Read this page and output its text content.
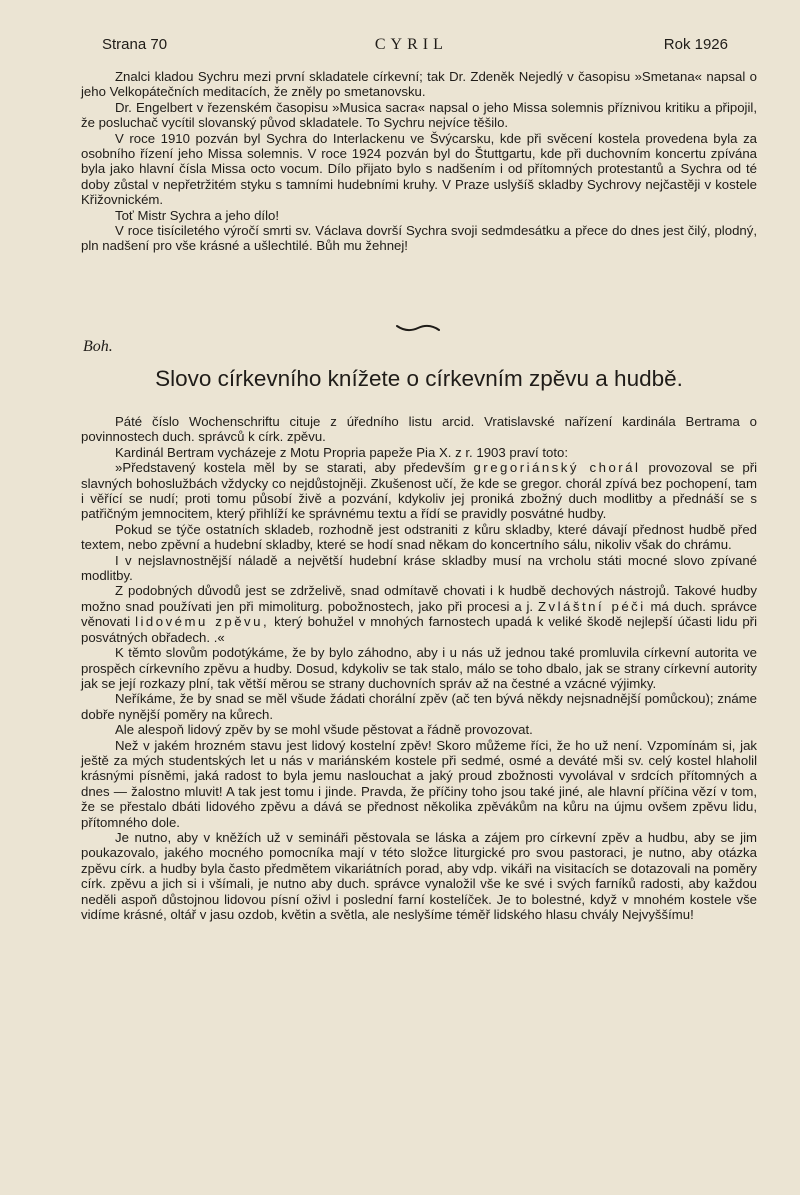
Strana 70	CYRIL	Rok 1926

Znalci kladou Sychru mezi první skladatele církevní; tak Dr. Zdeněk Nejedlý v časopisu »Smetana« napsal o jeho Velkopátečních meditacích, že zněly po smetanovsku.

Dr. Engelbert v řezenském časopisu »Musica sacra« napsal o jeho Missa solemnis příznivou kritiku a připojil, že posluchač vycítil slovanský původ skladatele. To Sychru nejvíce těšilo.

V roce 1910 pozván byl Sychra do Interlackenu ve Švýcarsku, kde při svěcení kostela provedena byla za osobního řízení jeho Missa solemnis. V roce 1924 pozván byl do Štuttgartu, kde při duchovním koncertu zpívána byla jako hlavní čísla Missa octo vocum. Dílo přijato bylo s nadšením i od přítomných protestantů a Sychra od té doby zůstal v nepřetržitém styku s tamními hudebními kruhy. V Praze uslyšíš skladby Sychrovy nejčastěji v kostele Křižovnickém.

Toť Mistr Sychra a jeho dílo!

V roce tisíciletého výročí smrti sv. Václava dovrší Sychra svoji sedmdesátku a přece do dnes jest čilý, plodný, pln nadšení pro vše krásné a ušlechtilé. Bůh mu žehnej!

Boh.
Slovo církevního knížete o církevním zpěvu a hudbě.

Páté číslo Wochenschriftu cituje z úředního listu arcid. Vratislavské nařízení kardinála Bertrama o povinnostech duch. správců k círk. zpěvu.

Kardinál Bertram vycházeje z Motu Propria papeže Pia X. z r. 1903 praví toto:

»Představený kostela měl by se starati, aby především gregoriánský chorál provozoval se při slavných bohoslužbách vždycky co nejdůstojněji. Zkušenost učí, že kde se gregor. chorál zpívá bez pochopení, tam i věřící se nudí; proti tomu působí živě a pozvání, kdykoliv jej proniká zbožný duch modlitby a přednáší se s patřičným jemnocitem, který přihlíží ke správnému textu a řídí se pravidly posvátné hudby.

Pokud se týče ostatních skladeb, rozhodně jest odstraniti z kůru skladby, které dávají přednost hudbě před textem, nebo zpěvní a hudební skladby, které se hodí snad někam do koncertního sálu, nikoliv však do chrámu.

I v nejslavnostnější náladě a největší hudební kráse skladby musí na vrcholu státi mocné slovo zpívané modlitby.

Z podobných důvodů jest se zdrželivě, snad odmítavě chovati i k hudbě dechových nástrojů. Takové hudby možno snad používati jen při mimoliturg. pobožnostech, jako při procesi a j. Zvláštní péči má duch. správce věnovati lidovému zpěvu, který bohužel v mnohých farnostech upadá k veliké škodě nejlepší účasti lidu při posvátných obřadech. .«

K těmto slovům podotýkáme, že by bylo záhodno, aby i u nás už jednou také promluvila církevní autorita ve prospěch církevního zpěvu a hudby. Dosud, kdykoliv se tak stalo, málo se toho dbalo, jak se strany církevní autority jak se její rozkazy plní, tak větší měrou se strany duchovních správ až na čestné a vzácné výjimky.

Neříkáme, že by snad se měl všude žádati chorální zpěv (ač ten bývá někdy nejsnadnější pomůckou); známe dobře nynější poměry na kůrech.

Ale alespoň lidový zpěv by se mohl všude pěstovat a řádně provozovat.

Než v jakém hrozném stavu jest lidový kostelní zpěv! Skoro můžeme říci, že ho už není. Vzpomínám si, jak ještě za mých studentských let u nás v mariánském kostele při sedmé, osmé a deváté mši sv. celý kostel hlaholil krásnými písněmi, jaká radost to byla jemu naslouchat a jaký proud zbožnosti vyvolával v srdcích přítomných a dnes — žalostno mluvit! A tak jest tomu i jinde. Pravda, že příčiny toho jsou také jiné, ale hlavní příčina vězí v tom, že se přestalo dbáti lidového zpěvu a dává se přednost několika zpěvákům na kůru na újmu ovšem zpěvu lidu, přítomného dole.

Je nutno, aby v kněžích už v semináři pěstovala se láska a zájem pro církevní zpěv a hudbu, aby se jim poukazovalo, jakého mocného pomocníka mají v této složce liturgické pro svou pastoraci, je nutno, aby otázka zpěvu círk. a hudby byla často předmětem vikariátních porad, aby vdp. vikáři na visitacích se dotazovali na poměry círk. zpěvu a jich si i všímali, je nutno aby duch. správce vynaložil vše ke své i svých farníků radosti, aby každou neděli aspoň důstojnou lidovou písní oživl i poslední farní kostelíček. Je to bolestné, když v mnohém kostele vše vidíme krásné, oltář v jasu ozdob, květin a světla, ale neslyšíme téměř lidského hlasu chvály Nejvyššímu!
